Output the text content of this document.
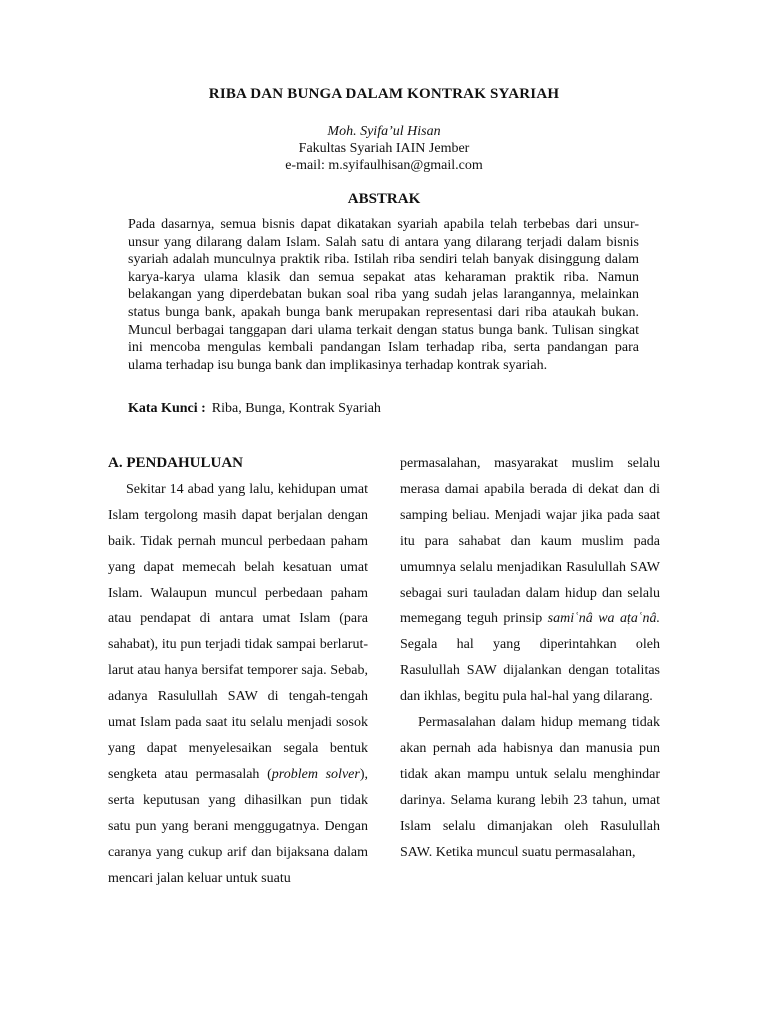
RIBA DAN BUNGA DALAM KONTRAK SYARIAH
Moh. Syifa’ul Hisan
Fakultas Syariah IAIN Jember
e-mail: m.syifaulhisan@gmail.com
ABSTRAK

Pada dasarnya, semua bisnis dapat dikatakan syariah apabila telah terbebas dari unsur-unsur yang dilarang dalam Islam. Salah satu di antara yang dilarang terjadi dalam bisnis syariah adalah munculnya praktik riba. Istilah riba sendiri telah banyak disinggung dalam karya-karya ulama klasik dan semua sepakat atas keharaman praktik riba. Namun belakangan yang diperdebatan bukan soal riba yang sudah jelas larangannya, melainkan status bunga bank, apakah bunga bank merupakan representasi dari riba ataukah bukan. Muncul berbagai tanggapan dari ulama terkait dengan status bunga bank. Tulisan singkat ini mencoba mengulas kembali pandangan Islam terhadap riba, serta pandangan para ulama terhadap isu bunga bank dan implikasinya terhadap kontrak syariah.

Kata Kunci : Riba, Bunga, Kontrak Syariah

A. PENDAHULUAN

Sekitar 14 abad yang lalu, kehidupan umat Islam tergolong masih dapat berjalan dengan baik. Tidak pernah muncul perbedaan paham yang dapat memecah belah kesatuan umat Islam. Walaupun muncul perbedaan paham atau pendapat di antara umat Islam (para sahabat), itu pun terjadi tidak sampai berlarut-larut atau hanya bersifat temporer saja. Sebab, adanya Rasulullah SAW di tengah-tengah umat Islam pada saat itu selalu menjadi sosok yang dapat menyelesaikan segala bentuk sengketa atau permasalah (problem solver), serta keputusan yang dihasilkan pun tidak satu pun yang berani menggugatnya. Dengan caranya yang cukup arif dan bijaksana dalam mencari jalan keluar untuk suatu

permasalahan, masyarakat muslim selalu merasa damai apabila berada di dekat dan di samping beliau. Menjadi wajar jika pada saat itu para sahabat dan kaum muslim pada umumnya selalu menjadikan Rasulullah SAW sebagai suri tauladan dalam hidup dan selalu memegang teguh prinsip samiʿnâ wa aṭaʿnâ. Segala hal yang diperintahkan oleh Rasulullah SAW dijalankan dengan totalitas dan ikhlas, begitu pula hal-hal yang dilarang.

Permasalahan dalam hidup memang tidak akan pernah ada habisnya dan manusia pun tidak akan mampu untuk selalu menghindar darinya. Selama kurang lebih 23 tahun, umat Islam selalu dimanjakan oleh Rasulullah SAW. Ketika muncul suatu permasalahan,
